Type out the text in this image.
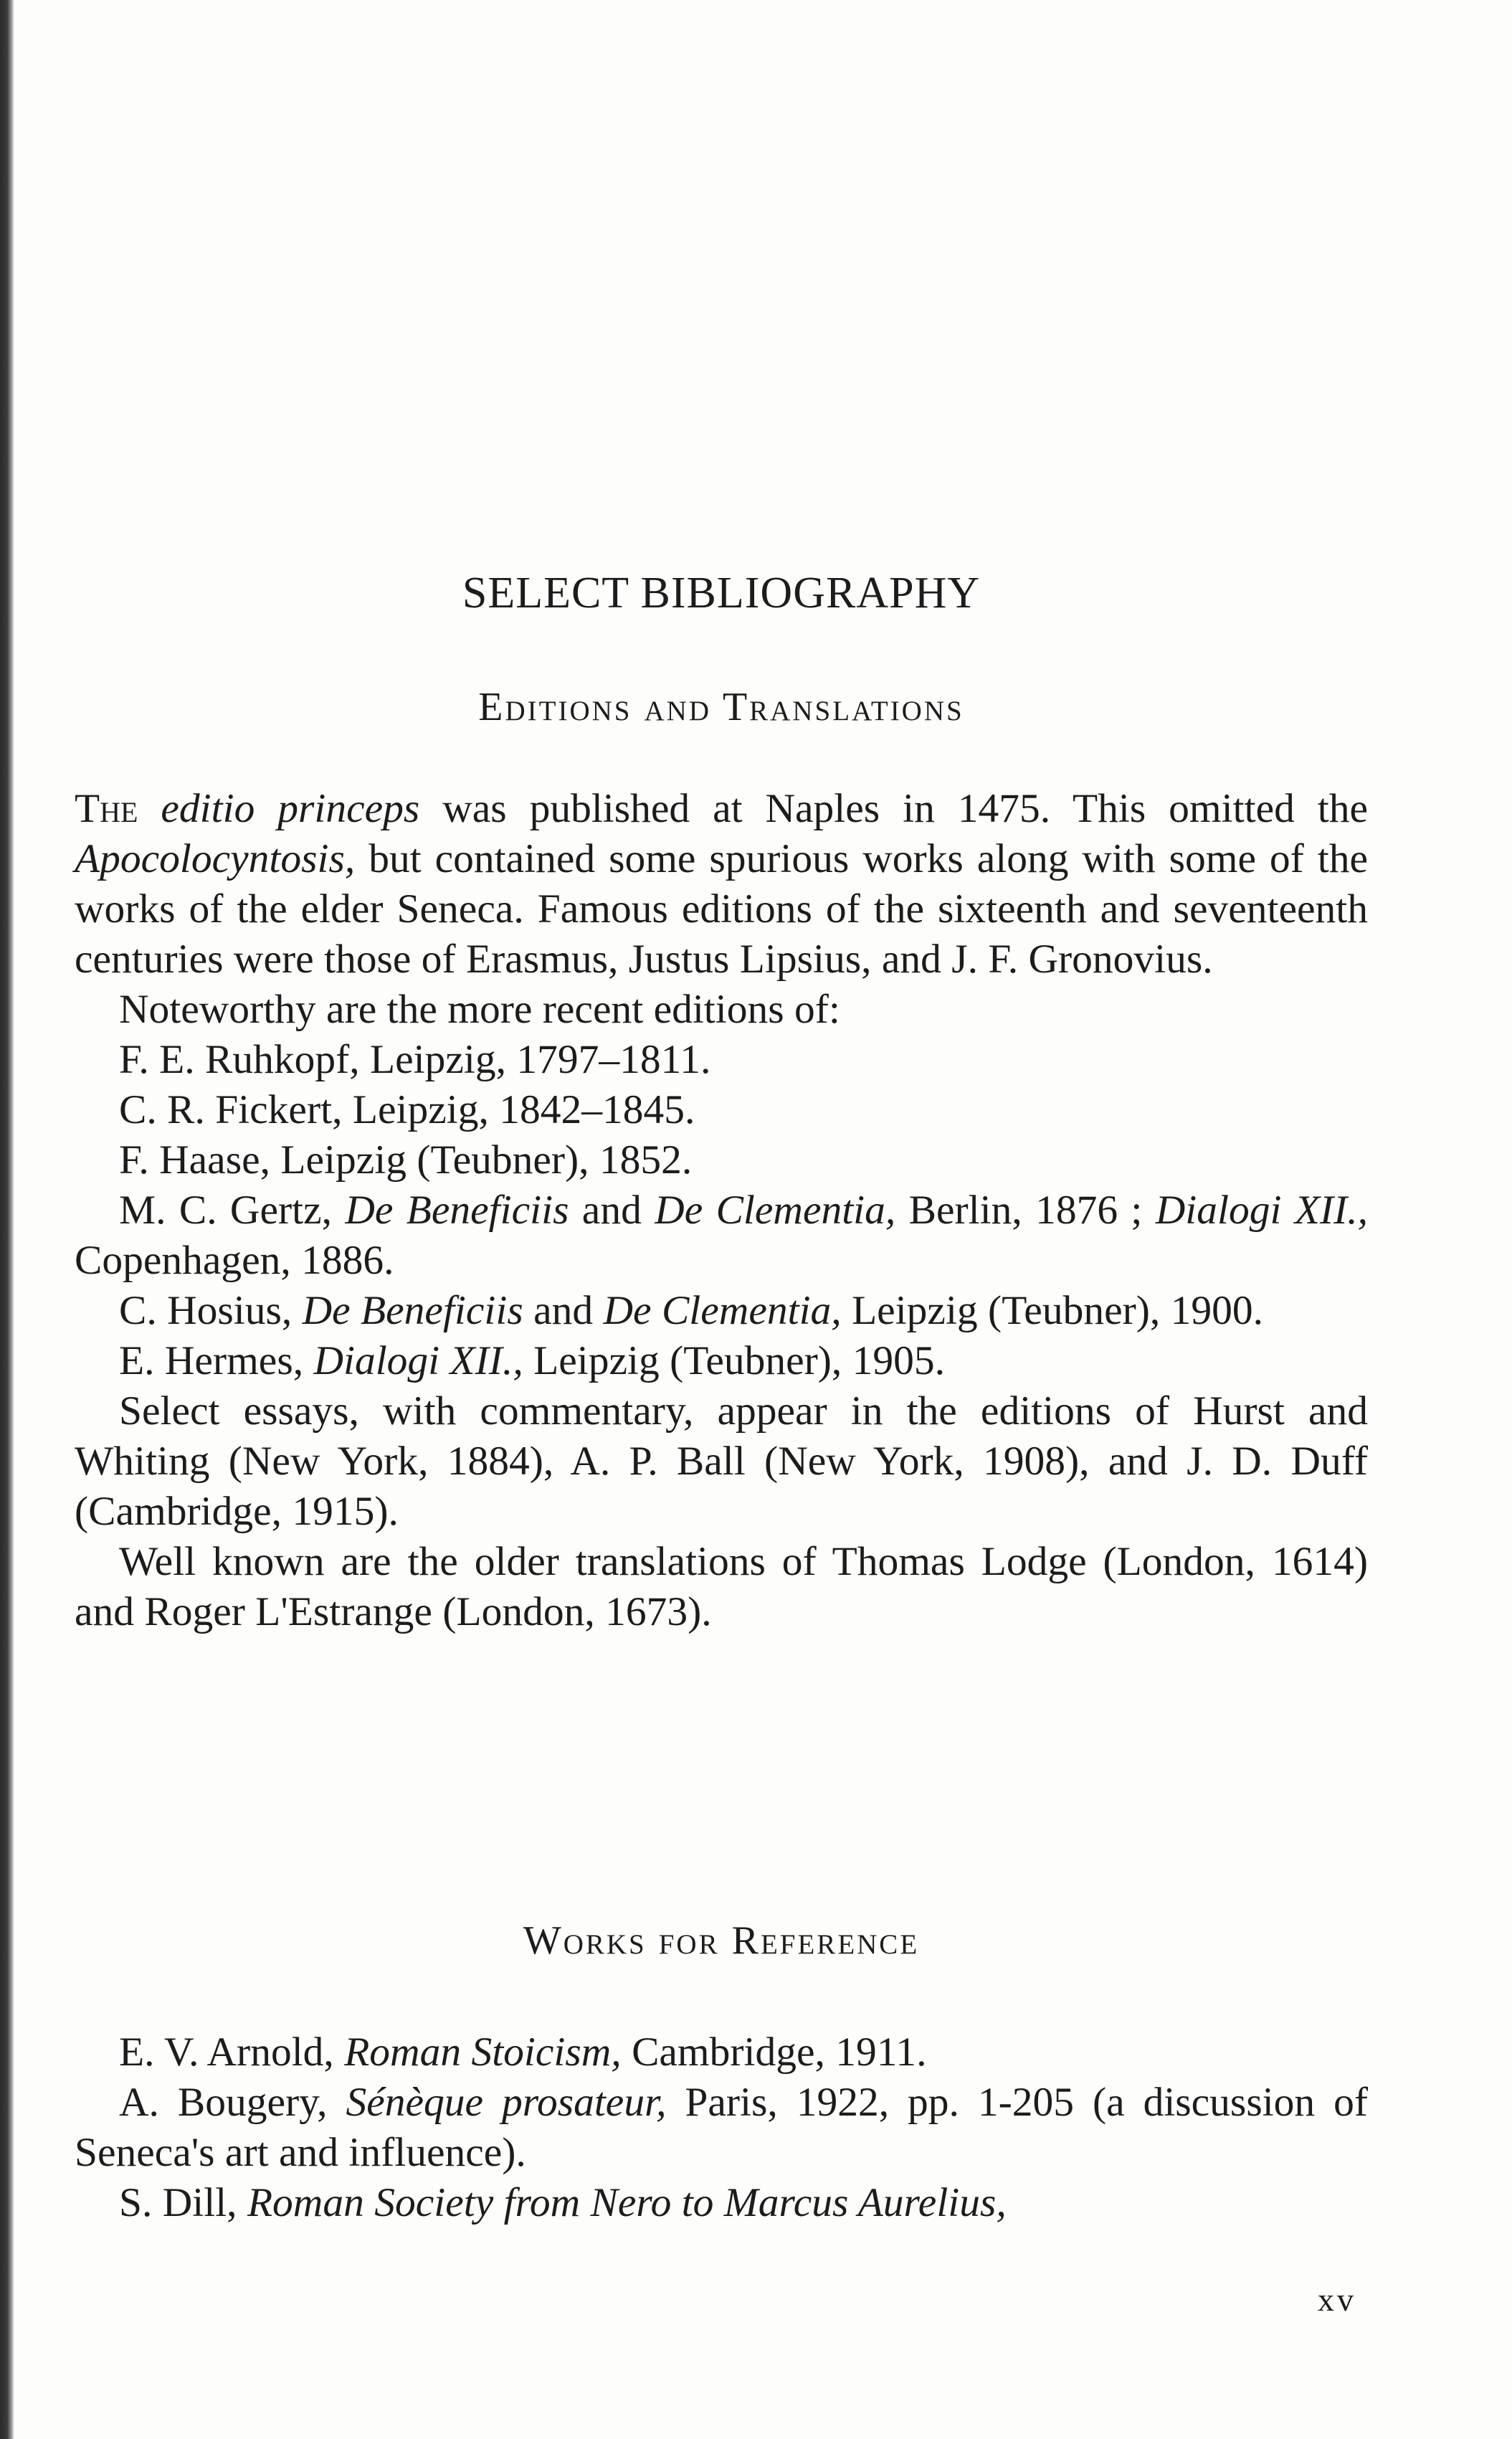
SELECT BIBLIOGRAPHY
Editions and Translations

The editio princeps was published at Naples in 1475. This omitted the Apocolocyntosis, but contained some spurious works along with some of the works of the elder Seneca. Famous editions of the sixteenth and seventeenth centuries were those of Erasmus, Justus Lipsius, and J. F. Gronovius.

Noteworthy are the more recent editions of:

F. E. Ruhkopf, Leipzig, 1797–1811.

C. R. Fickert, Leipzig, 1842–1845.

F. Haase, Leipzig (Teubner), 1852.

M. C. Gertz, De Beneficiis and De Clementia, Berlin, 1876 ; Dialogi XII., Copenhagen, 1886.

C. Hosius, De Beneficiis and De Clementia, Leipzig (Teubner), 1900.

E. Hermes, Dialogi XII., Leipzig (Teubner), 1905.

Select essays, with commentary, appear in the editions of Hurst and Whiting (New York, 1884), A. P. Ball (New York, 1908), and J. D. Duff (Cambridge, 1915).

Well known are the older translations of Thomas Lodge (London, 1614) and Roger L'Estrange (London, 1673).

Works for Reference

E. V. Arnold, Roman Stoicism, Cambridge, 1911.

A. Bougery, Sénèque prosateur, Paris, 1922, pp. 1-205 (a discussion of Seneca's art and influence).

S. Dill, Roman Society from Nero to Marcus Aurelius,

xv
